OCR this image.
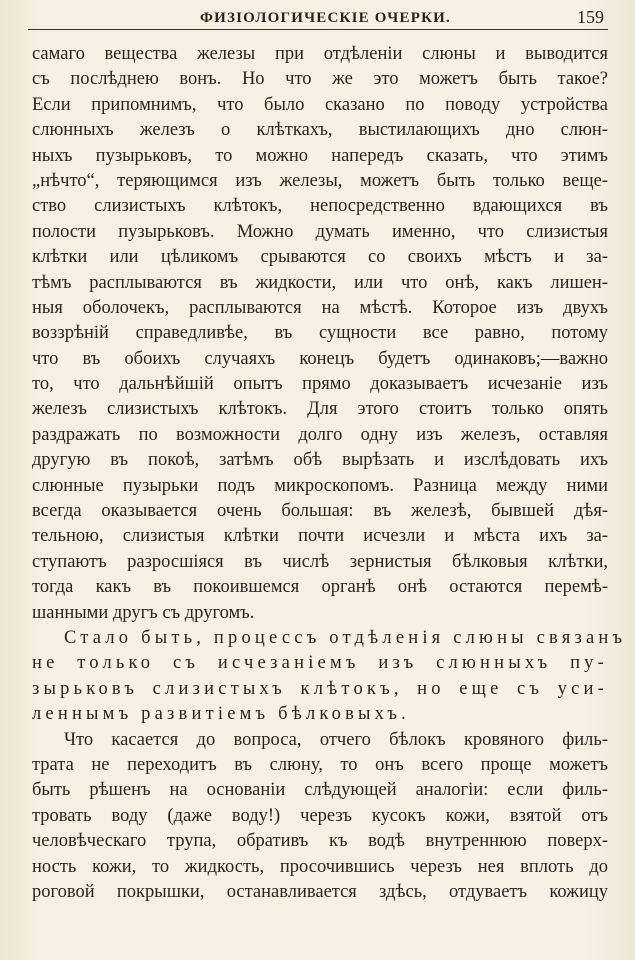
ФИЗІОЛОГИЧЕСКІЕ ОЧЕРКИ.	159
самаго вещества железы при отдѣленіи слюны и выводится
съ послѣднею вонъ. Но что же это можетъ быть такое?
Если припомнимъ, что было сказано по поводу устройства
слюнныхъ железъ о клѣткахъ, выстилающихъ дно слюн-
ныхъ пузырьковъ, то можно напередъ сказать, что этимъ
„нѣчто“, теряющимся изъ железы, можетъ быть только веще-
ство слизистыхъ клѣтокъ, непосредственно вдающихся въ
полости пузырьковъ. Можно думать именно, что слизистыя
клѣтки или цѣликомъ срываются со своихъ мѣстъ и за-
тѣмъ расплываются въ жидкости, или что онѣ, какъ лишен-
ныя оболочекъ, расплываются на мѣстѣ. Которое изъ двухъ
воззрѣній справедливѣе, въ сущности все равно, потому
что въ обоихъ случаяхъ конецъ будетъ одинаковъ;—важно
то, что дальнѣйшій опытъ прямо доказываетъ исчезаніе изъ
железъ слизистыхъ клѣтокъ. Для этого стоитъ только опять
раздражать по возможности долго одну изъ железъ, оставляя
другую въ покоѣ, затѣмъ обѣ вырѣзать и изслѣдовать ихъ
слюнные пузырьки подъ микроскопомъ. Разница между ними
всегда оказывается очень большая: въ железѣ, бывшей дѣя-
тельною, слизистыя клѣтки почти исчезли и мѣста ихъ за-
ступаютъ разросшіяся въ числѣ зернистыя бѣлковыя клѣтки,
тогда какъ въ покоившемся органѣ онѣ остаются перемѣ-
шанными другъ съ другомъ.
Стало быть, процессъ отдѣленія слюны связанъ
не только съ исчезаніемъ изъ слюнныхъ пу-
зырьковъ слизистыхъ клѣтокъ, но еще съ уси-
леннымъ развитіемъ бѣлковыхъ.
Что касается до вопроса, отчего бѣлокъ кровяного филь-
трата не переходитъ въ слюну, то онъ всего проще можетъ
быть рѣшенъ на основаніи слѣдующей аналогіи: если филь-
тровать воду (даже воду!) черезъ кусокъ кожи, взятой отъ
человѣческаго трупа, обративъ къ водѣ внутреннюю поверх-
ность кожи, то жидкость, просочившись черезъ нея вплоть до
роговой покрышки, останавливается здѣсь, отдуваетъ кожицу
